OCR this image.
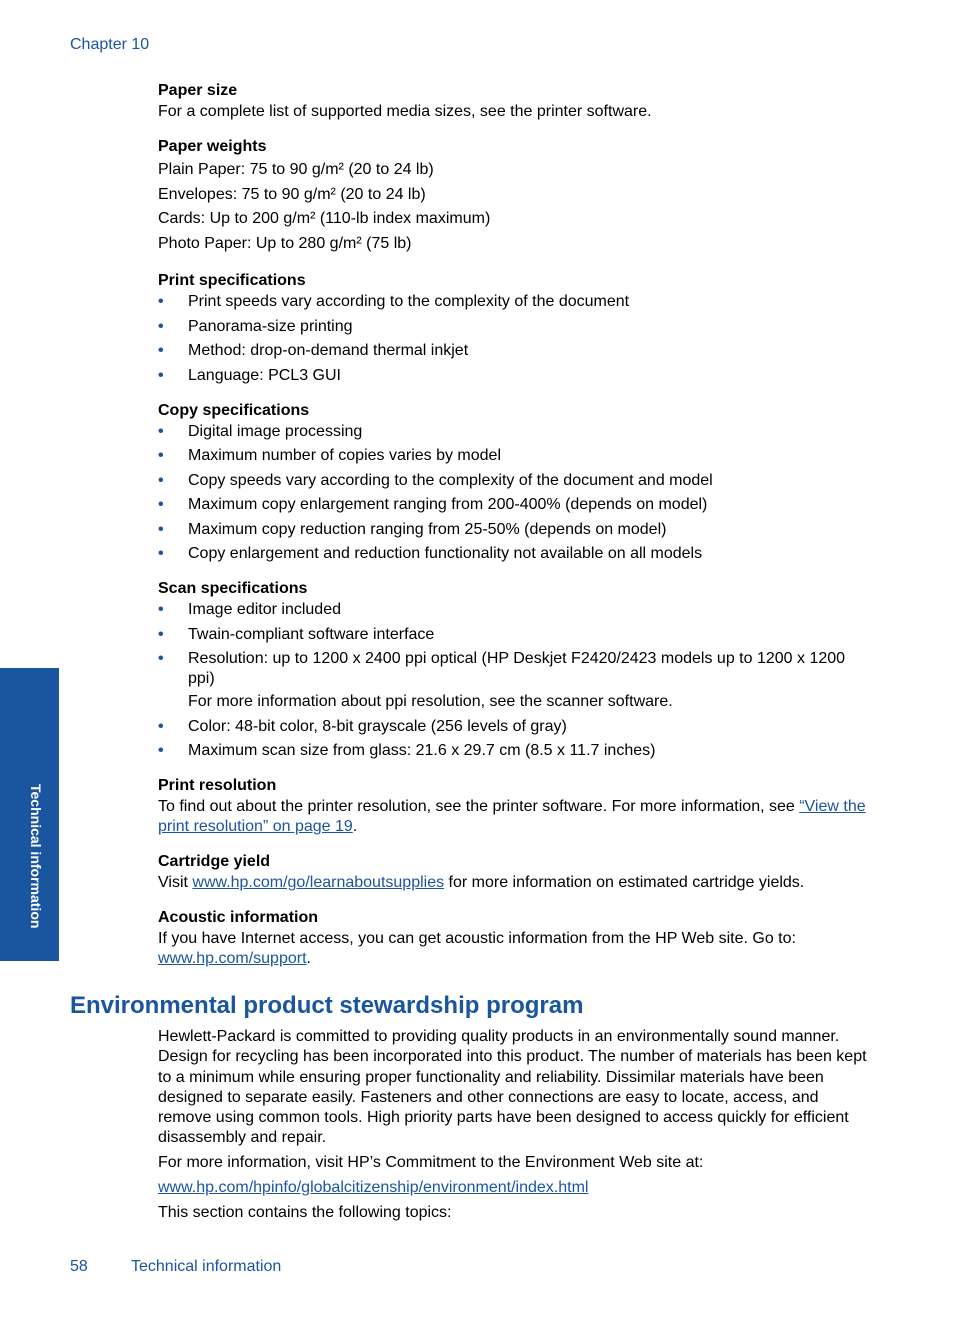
Chapter 10
Technical information

Paper size

For a complete list of supported media sizes, see the printer software.

Paper weights

Plain Paper: 75 to 90 g/m² (20 to 24 lb)

Envelopes: 75 to 90 g/m² (20 to 24 lb)

Cards: Up to 200 g/m² (110-lb index maximum)

Photo Paper: Up to 280 g/m² (75 lb)

Print specifications

• Print speeds vary according to the complexity of the document
• Panorama-size printing
• Method: drop-on-demand thermal inkjet
• Language: PCL3 GUI

Copy specifications

• Digital image processing
• Maximum number of copies varies by model
• Copy speeds vary according to the complexity of the document and model
• Maximum copy enlargement ranging from 200-400% (depends on model)
• Maximum copy reduction ranging from 25-50% (depends on model)
• Copy enlargement and reduction functionality not available on all models

Scan specifications

• Image editor included
• Twain-compliant software interface
• Resolution: up to 1200 x 2400 ppi optical (HP Deskjet F2420/2423 models up to 1200 x 1200 ppi)
For more information about ppi resolution, see the scanner software.
• Color: 48-bit color, 8-bit grayscale (256 levels of gray)
• Maximum scan size from glass: 21.6 x 29.7 cm (8.5 x 11.7 inches)

Print resolution

To find out about the printer resolution, see the printer software. For more information, see “View the print resolution” on page 19.

Cartridge yield

Visit www.hp.com/go/learnaboutsupplies for more information on estimated cartridge yields.

Acoustic information

If you have Internet access, you can get acoustic information from the HP Web site. Go to: www.hp.com/support.

Environmental product stewardship program

Hewlett-Packard is committed to providing quality products in an environmentally sound manner. Design for recycling has been incorporated into this product. The number of materials has been kept to a minimum while ensuring proper functionality and reliability. Dissimilar materials have been designed to separate easily. Fasteners and other connections are easy to locate, access, and remove using common tools. High priority parts have been designed to access quickly for efficient disassembly and repair.

For more information, visit HP’s Commitment to the Environment Web site at:

www.hp.com/hpinfo/globalcitizenship/environment/index.html

This section contains the following topics:

58	Technical information
